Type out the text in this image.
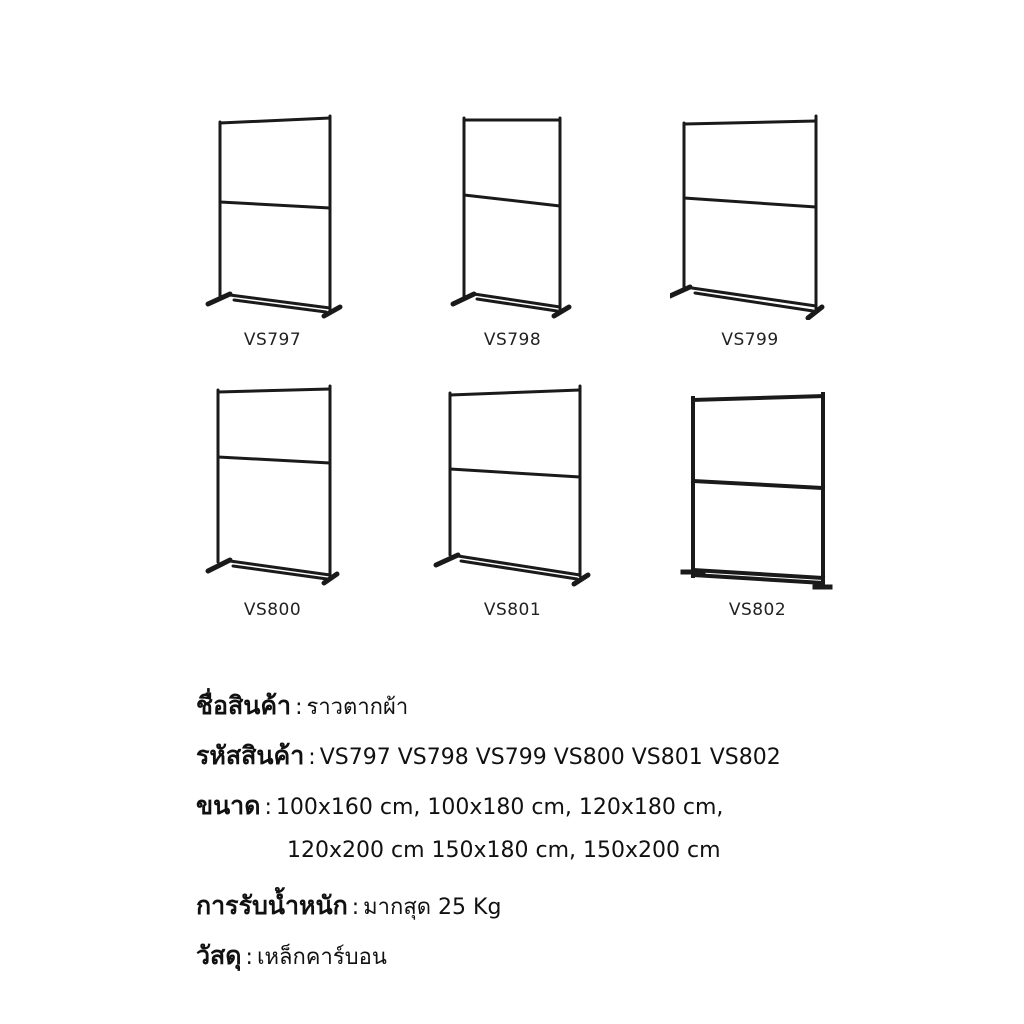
VS797	VS798	VS799
VS800	VS801	VS802
ชื่อสินค้า : ราวตากผ้า
รหัสสินค้า : VS797 VS798 VS799 VS800 VS801 VS802
ขนาด : 100x160 cm, 100x180 cm, 120x180 cm,
120x200 cm 150x180 cm, 150x200 cm
การรับน้ำหนัก : มากสุด 25 Kg
วัสดุ : เหล็กคาร์บอน
